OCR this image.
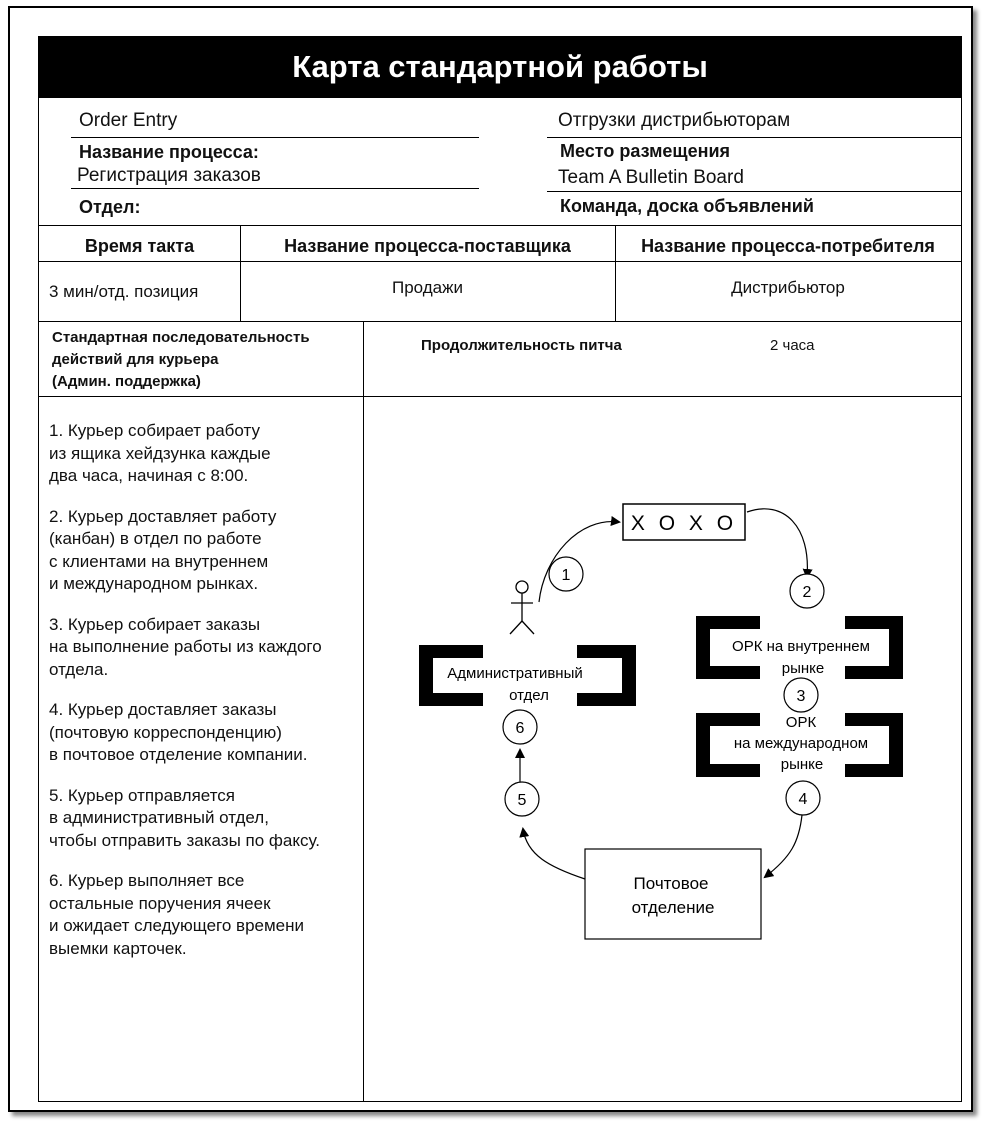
Карта стандартной работы
Order Entry
Название процесса:
Регистрация заказов
Отдел:
Отгрузки дистрибьюторам
Место размещения
Team A Bulletin Board
Команда, доска объявлений
Время такта	Название процесса-поставщика	Название процесса-потребителя
3 мин/отд. позиция	Продажи	Дистрибьютор
Стандартная последовательность
действий для курьера
(Админ. поддержка)
Продолжительность питча	2 часа

1. Курьер собирает работу
из ящика хейдзунка каждые
два часа, начиная с 8:00.

2. Курьер доставляет работу
(канбан) в отдел по работе
с клиентами на внутреннем
и международном рынках.

3. Курьер собирает заказы
на выполнение работы из каждого
отдела.

4. Курьер доставляет заказы
(почтовую корреспонденцию)
в почтовое отделение компании.

5. Курьер отправляется
в административный отдел,
чтобы отправить заказы по факсу.

6. Курьер выполняет все
остальные поручения ячеек
и ожидает следующего времени
выемки карточек.

X O X O
1
2
3
4
5
6
Административный
отдел
ОРК на внутреннем
рынке
ОРК
на международном
рынке
Почтовое
отделение
